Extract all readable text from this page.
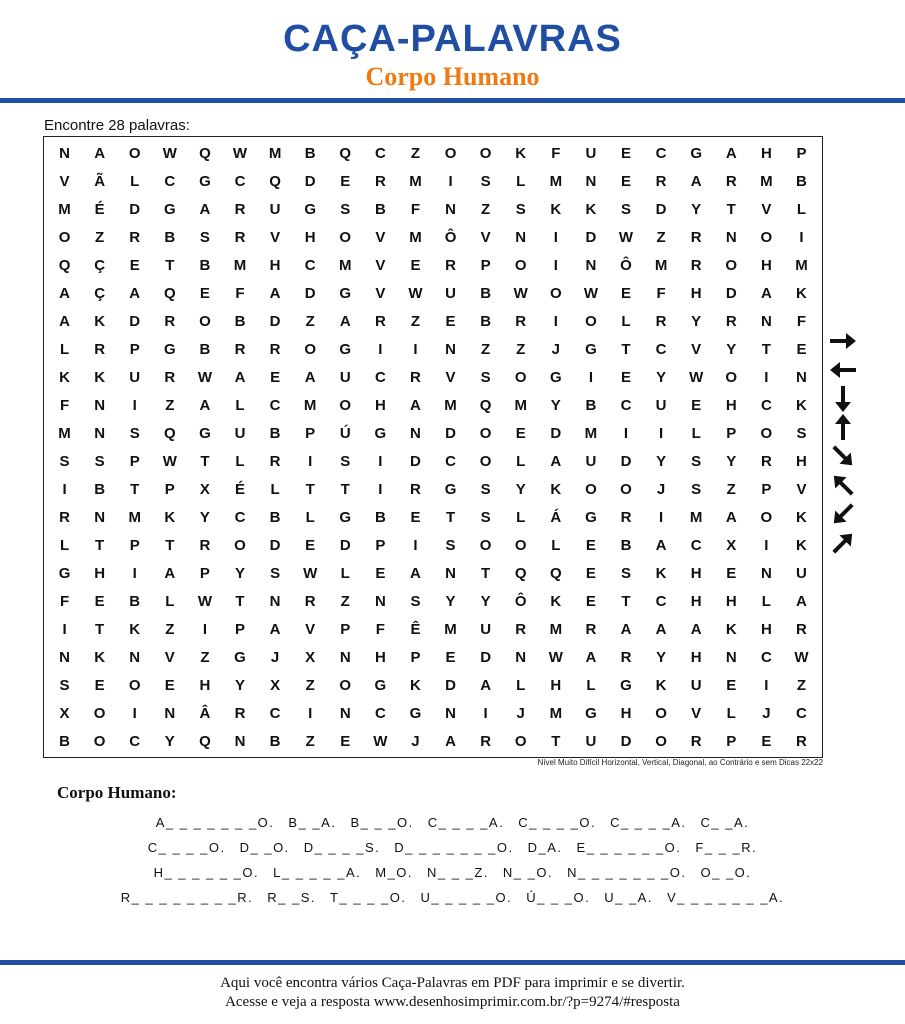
CAÇA-PALAVRAS
Corpo Humano
Encontre 28 palavras:
N	A	O	W	Q	W	M	B	Q	C	Z	O	O	K	F	U	E	C	G	A	H	P
V	Ã	L	C	G	C	Q	D	E	R	M	I	S	L	M	N	E	R	A	R	M	B
M	É	D	G	A	R	U	G	S	B	F	N	Z	S	K	K	S	D	Y	T	V	L
O	Z	R	B	S	R	V	H	O	V	M	Ô	V	N	I	D	W	Z	R	N	O	I
Q	Ç	E	T	B	M	H	C	M	V	E	R	P	O	I	N	Ô	M	R	O	H	M
A	Ç	A	Q	E	F	A	D	G	V	W	U	B	W	O	W	E	F	H	D	A	K
A	K	D	R	O	B	D	Z	A	R	Z	E	B	R	I	O	L	R	Y	R	N	F
L	R	P	G	B	R	R	O	G	I	I	N	Z	Z	J	G	T	C	V	Y	T	E
K	K	U	R	W	A	E	A	U	C	R	V	S	O	G	I	E	Y	W	O	I	N
F	N	I	Z	A	L	C	M	O	H	A	M	Q	M	Y	B	C	U	E	H	C	K
M	N	S	Q	G	U	B	P	Ú	G	N	D	O	E	D	M	I	I	L	P	O	S
S	S	P	W	T	L	R	I	S	I	D	C	O	L	A	U	D	Y	S	Y	R	H
I	B	T	P	X	É	L	T	T	I	R	G	S	Y	K	O	O	J	S	Z	P	V
R	N	M	K	Y	C	B	L	G	B	E	T	S	L	Á	G	R	I	M	A	O	K
L	T	P	T	R	O	D	E	D	P	I	S	O	O	L	E	B	A	C	X	I	K
G	H	I	A	P	Y	S	W	L	E	A	N	T	Q	Q	E	S	K	H	E	N	U
F	E	B	L	W	T	N	R	Z	N	S	Y	Y	Ô	K	E	T	C	H	H	L	A
I	T	K	Z	I	P	A	V	P	F	Ê	M	U	R	M	R	A	A	A	K	H	R
N	K	N	V	Z	G	J	X	N	H	P	E	D	N	W	A	R	Y	H	N	C	W
S	E	O	E	H	Y	X	Z	O	G	K	D	A	L	H	L	G	K	U	E	I	Z
X	O	I	N	Â	R	C	I	N	C	G	N	I	J	M	G	H	O	V	L	J	C
B	O	C	Y	Q	N	B	Z	E	W	J	A	R	O	T	U	D	O	R	P	E	R
Nível Muito Difícil Horizontal, Vertical, Diagonal, ao Contrário e sem Dicas 22x22
Corpo Humano:
A_ _ _ _ _ _ _O. B_ _A. B_ _ _O. C_ _ _ _A. C_ _ _ _O. C_ _ _ _A. C_ _A.
C_ _ _ _O. D_ _O. D_ _ _ _S. D_ _ _ _ _ _ _O. D_A. E_ _ _ _ _ _O. F_ _ _R.
H_ _ _ _ _ _O. L_ _ _ _ _A. M_O. N_ _ _Z. N_ _O. N_ _ _ _ _ _ _O. O_ _O.
R_ _ _ _ _ _ _ _R. R_ _S. T_ _ _ _O. U_ _ _ _ _O. Ú_ _ _O. U_ _A. V_ _ _ _ _ _ _A.
Aqui você encontra vários Caça-Palavras em PDF para imprimir e se divertir.
Acesse e veja a resposta www.desenhosimprimir.com.br/?p=9274/#resposta
